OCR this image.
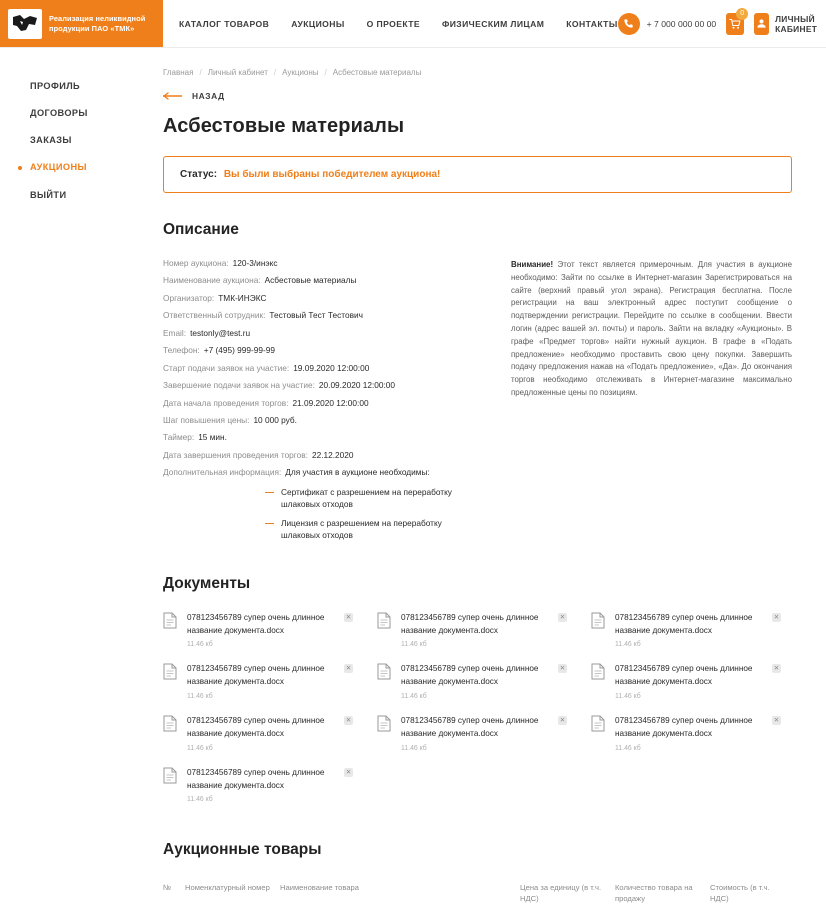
Реализация неликвидной
продукции ПАО «ТМК»	КАТАЛОГ ТОВАРОВ	АУКЦИОНЫ	О ПРОЕКТЕ	ФИЗИЧЕСКИМ ЛИЦАМ	КОНТАКТЫ	+ 7 000 000 00 00
0	ЛИЧНЫЙ КАБИНЕТ
ПРОФИЛЬ
ДОГОВОРЫ
ЗАКАЗЫ
АУКЦИОНЫ
ВЫЙТИ
Главная / Личный кабинет / Аукционы / Асбестовые материалы
НАЗАД
Асбестовые материалы
Статус: Вы были выбраны победителем аукциона!
Описание
Номер аукциона: 120-3/инэкс
Наименование аукциона: Асбестовые материалы
Организатор: ТМК-ИНЭКС
Ответственный сотрудник: Тестовый Тест Тестович
Email: testonly@test.ru
Телефон: +7 (495) 999-99-99
Старт подачи заявок на участие: 19.09.2020 12:00:00
Завершение подачи заявок на участие: 20.09.2020 12:00:00
Дата начала проведения торгов: 21.09.2020 12:00:00
Шаг повышения цены: 10 000 руб.
Таймер: 15 мин.
Дата завершения проведения торгов: 22.12.2020
Дополнительная информация: Для участия в аукционе необходимы:
Сертификат с разрешением на переработку шлаковых отходов
Лицензия с разрешением на переработку шлаковых отходов
Внимание! Этот текст является примерочным. Для участия в аукционе необходимо: Зайти по ссылке в Интернет-магазин Зарегистрироваться на сайте (верхний правый угол экрана). Регистрация бесплатна. После регистрации на ваш электронный адрес поступит сообщение о подтверждении регистрации. Перейдите по ссылке в сообщении. Ввести логин (адрес вашей эл. почты) и пароль. Зайти на вкладку «Аукционы». В графе «Предмет торгов» найти нужный аукцион. В графе в «Подать предложение» необходимо проставить свою цену покупки. Завершить подачу предложения нажав на «Подать предложение», «Да». До окончания торгов необходимо отслеживать в Интернет-магазине максимально предложенные цены по позициям.
Документы
078123456789 супер очень длинное название документа.docx
11.46 кб
✕	078123456789 супер очень длинное название документа.docx
11.46 кб
✕	078123456789 супер очень длинное название документа.docx
11.46 кб
✕
078123456789 супер очень длинное название документа.docx
11.46 кб
✕	078123456789 супер очень длинное название документа.docx
11.46 кб
✕	078123456789 супер очень длинное название документа.docx
11.46 кб
✕
078123456789 супер очень длинное название документа.docx
11.46 кб
✕	078123456789 супер очень длинное название документа.docx
11.46 кб
✕	078123456789 супер очень длинное название документа.docx
11.46 кб
✕
078123456789 супер очень длинное название документа.docx
11.46 кб
✕
Аукционные товары
№	Номенклатурный номер	Наименование товара	Цена за единицу (в т.ч. НДС)	Количество товара на продажу	Стоимость (в т.ч. НДС)
